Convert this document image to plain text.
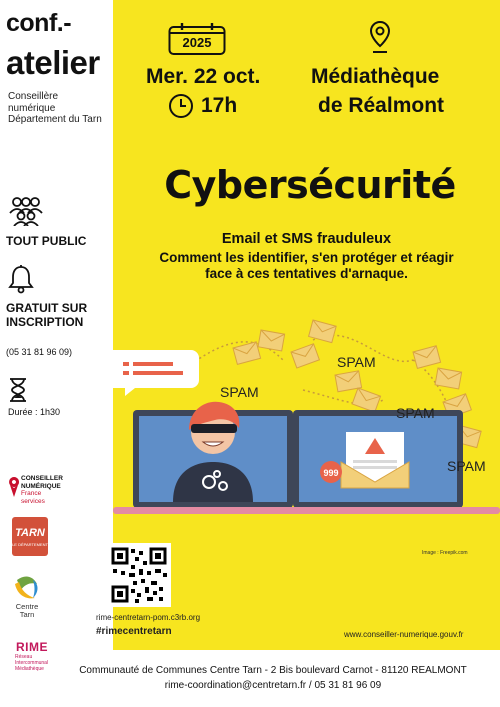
conf.-
atelier
Conseillère numérique Département du Tarn
TOUT PUBLIC
GRATUIT SUR INSCRIPTION
(05 31 81 96 09)
Durée : 1h30
CONSEILLER
NUMÉRIQUE
France
services
TARN
LE DÉPARTEMENT
Centre
Tarn
RIME
Réseau
Intercommunal
Médiathèque
2025
Mer. 22 oct.
17h
Médiathèque
de Réalmont
Cybersécurité
Email et SMS frauduleux
Comment les identifier, s'en protéger et réagir
face à ces tentatives d'arnaque.
999
SPAM
SPAM
SPAM
SPAM
Image : Freepik.com
rime-centretarn-pom.c3rb.org
#rimecentretarn	www.conseiller-numerique.gouv.fr
Communauté de Communes Centre Tarn - 2 Bis boulevard Carnot - 81120 REALMONT
rime-coordination@centretarn.fr / 05 31 81 96 09
